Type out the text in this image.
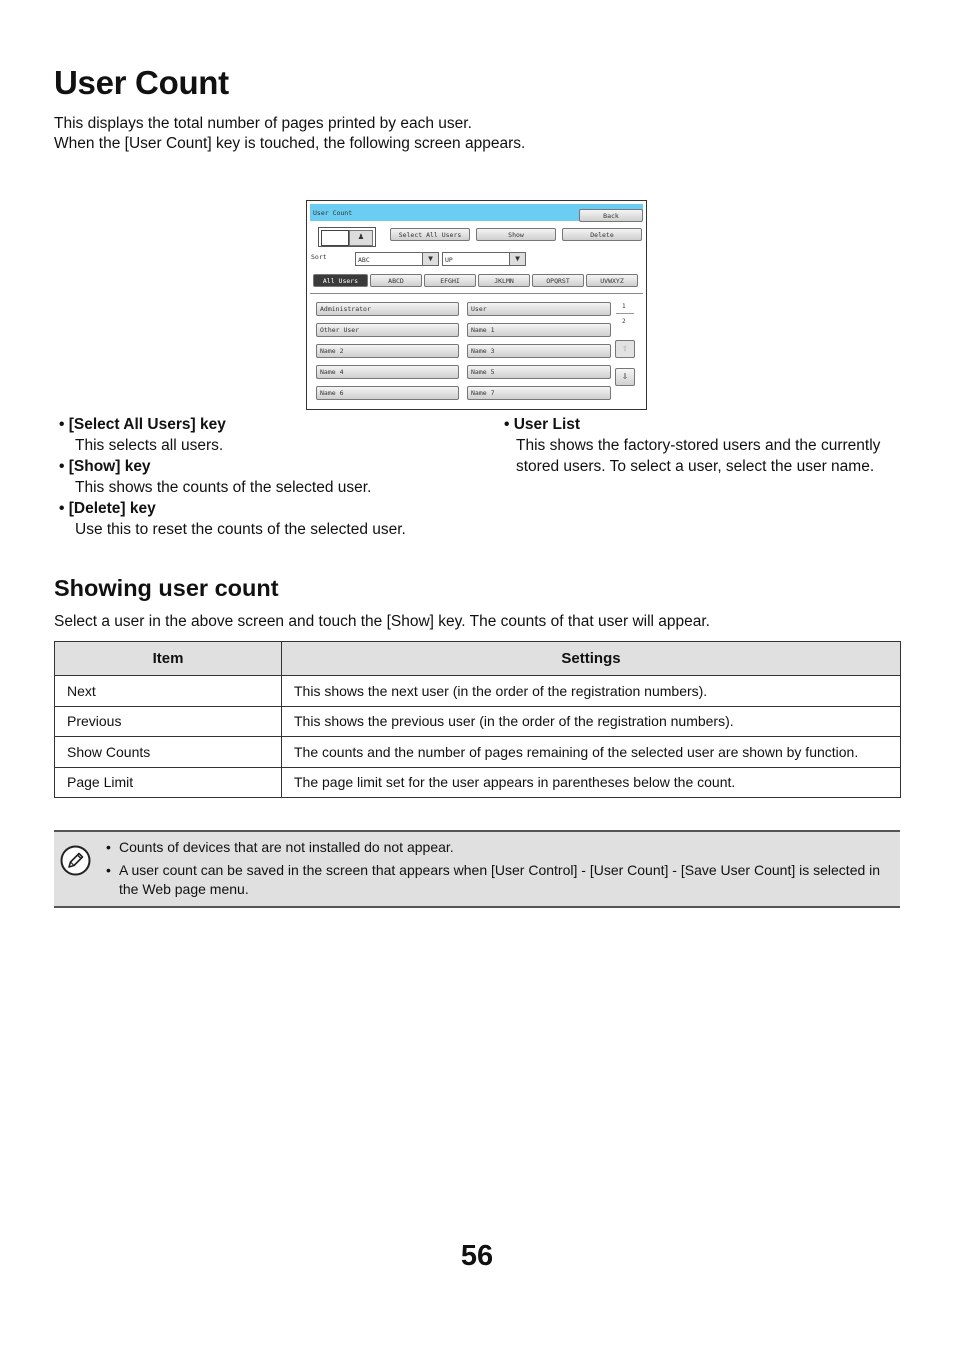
User Count
This displays the total number of pages printed by each user.
When the [User Count] key is touched, the following screen appears.
User Count	Back
♟	Select All Users	Show	Delete
Sort	ABC	▼	UP	▼
All Users	ABCD	EFGHI	JKLMN	OPQRST	UVWXYZ
Administrator	User
Other User	Name 1
Name 2	Name 3
Name 4	Name 5
Name 6	Name 7
1
2
⇧
⇩
• [Select All Users] key
This selects all users.
• [Show] key
This shows the counts of the selected user.
• [Delete] key
Use this to reset the counts of the selected user.
• User List
This shows the factory-stored users and the currently
stored users. To select a user, select the user name.
Showing user count
Select a user in the above screen and touch the [Show] key. The counts of that user will appear.
Item	Settings
Next	This shows the next user (in the order of the registration numbers).
Previous	This shows the previous user (in the order of the registration numbers).
Show Counts	The counts and the number of pages remaining of the selected user are shown by function.
Page Limit	The page limit set for the user appears in parentheses below the count.
• Counts of devices that are not installed do not appear.
• A user count can be saved in the screen that appears when [User Control] - [User Count] - [Save User Count] is selected in the Web page menu.
56
